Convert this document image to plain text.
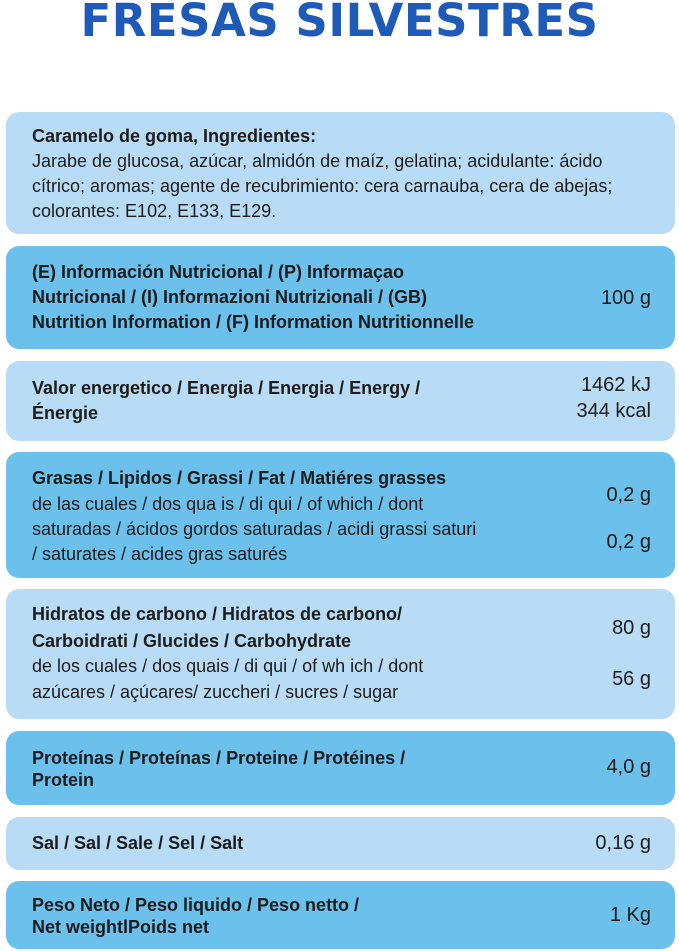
FRESAS SILVESTRES
Caramelo de goma, Ingredientes:
Jarabe de glucosa, azúcar, almidón de maíz, gelatina; acidulante: ácido
cítrico; aromas; agente de recubrimiento: cera carnauba, cera de abejas;
colorantes: E102, E133, E129.
(E) Información Nutricional / (P) Informaçao
Nutricional / (I) Informazioni Nutrizionali / (GB)
Nutrition Information / (F) Information Nutritionnelle
100 g
Valor energetico / Energia / Energia / Energy /
Énergie
1462 kJ
344 kcal
Grasas / Lipidos / Grassi / Fat / Matiéres grasses
de las cuales / dos qua is / di qui / of which / dont
saturadas / ácidos gordos saturadas / acidi grassi saturi
/ saturates / acides gras saturés
0,2 g
0,2 g
Hidratos de carbono / Hidratos de carbono/
Carboidrati / Glucides / Carbohydrate
de los cuales / dos quais / di qui / of wh ich / dont
azúcares / açúcares/ zuccheri / sucres / sugar
80 g
56 g
Proteínas / Proteínas / Proteine / Protéines /
Protein
4,0 g
Sal / Sal / Sale / Sel / Salt	0,16 g
Peso Neto / Peso liquido / Peso netto /
Net weightlPoids net
1 Kg
